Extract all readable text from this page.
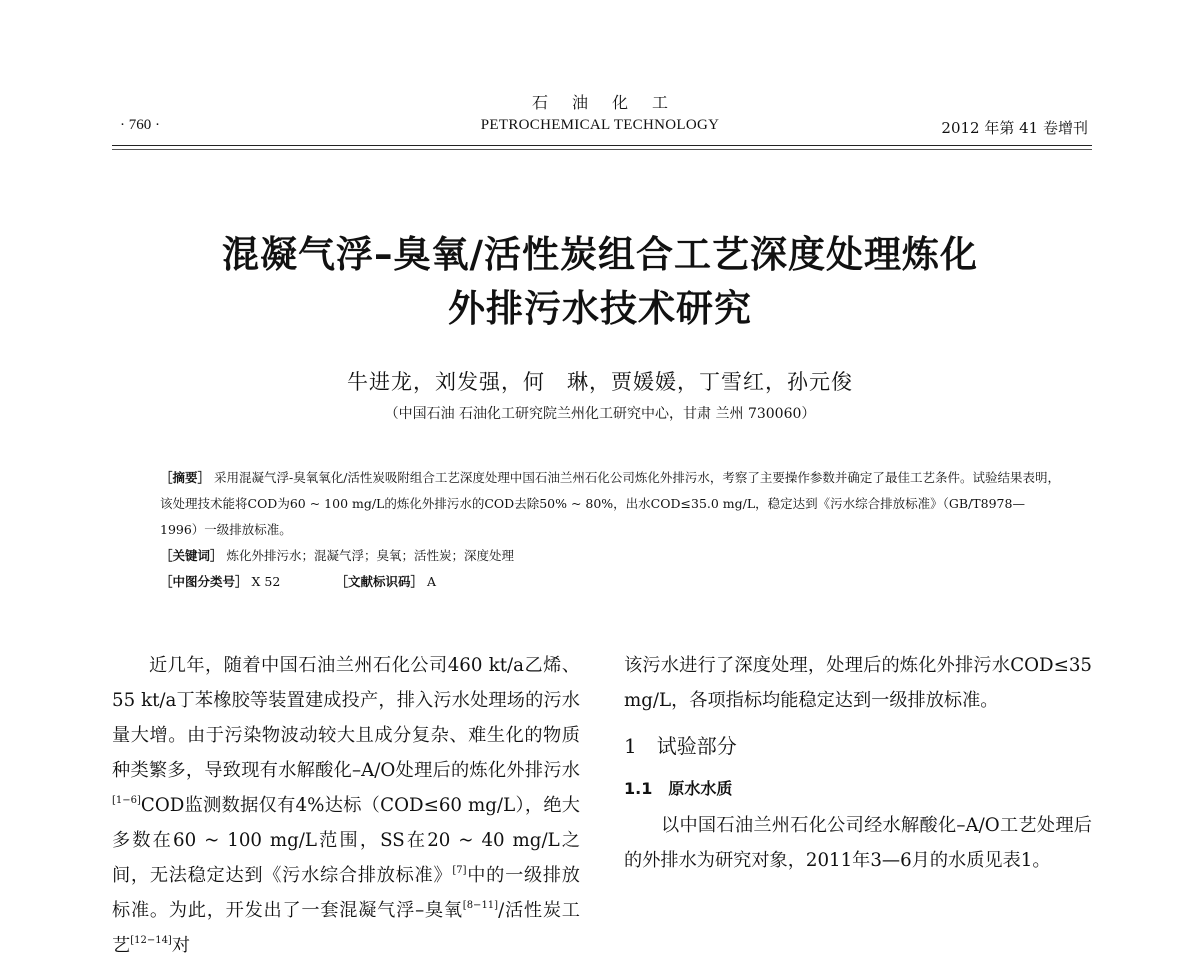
石油化工
· 760 ·	PETROCHEMICAL TECHNOLOGY	2012 年第 41 卷增刊
混凝气浮–臭氧/活性炭组合工艺深度处理炼化
外排污水技术研究
牛进龙，刘发强，何　琳，贾媛媛，丁雪红，孙元俊
（中国石油 石油化工研究院兰州化工研究中心，甘肃 兰州 730060）

［摘要］ 采用混凝气浮-臭氧氧化/活性炭吸附组合工艺深度处理中国石油兰州石化公司炼化外排污水，考察了主要操作参数并确定了最佳工艺条件。试验结果表明，该处理技术能将COD为60 ~ 100 mg/L的炼化外排污水的COD去除50% ~ 80%，出水COD≤35.0 mg/L，稳定达到《污水综合排放标准》（GB/T8978—1996）一级排放标准。

［关键词］ 炼化外排污水；混凝气浮；臭氧；活性炭；深度处理

［中图分类号］ X 52	［文献标识码］ A

近几年，随着中国石油兰州石化公司460 kt/a乙烯、55 kt/a丁苯橡胶等装置建成投产，排入污水处理场的污水量大增。由于污染物波动较大且成分复杂、难生化的物质种类繁多，导致现有水解酸化–A/O处理后的炼化外排污水[1−6]COD监测数据仅有4%达标（COD≤60 mg/L），绝大多数在60 ~ 100 mg/L范围，SS在20 ~ 40 mg/L之间，无法稳定达到《污水综合排放标准》[7]中的一级排放标准。为此，开发出了一套混凝气浮–臭氧[8−11]/活性炭工艺[12−14]对

该污水进行了深度处理，处理后的炼化外排污水COD≤35 mg/L，各项指标均能稳定达到一级排放标准。

1　试验部分

1.1　原水水质

以中国石油兰州石化公司经水解酸化–A/O工艺处理后的外排水为研究对象，2011年3—6月的水质见表1。
